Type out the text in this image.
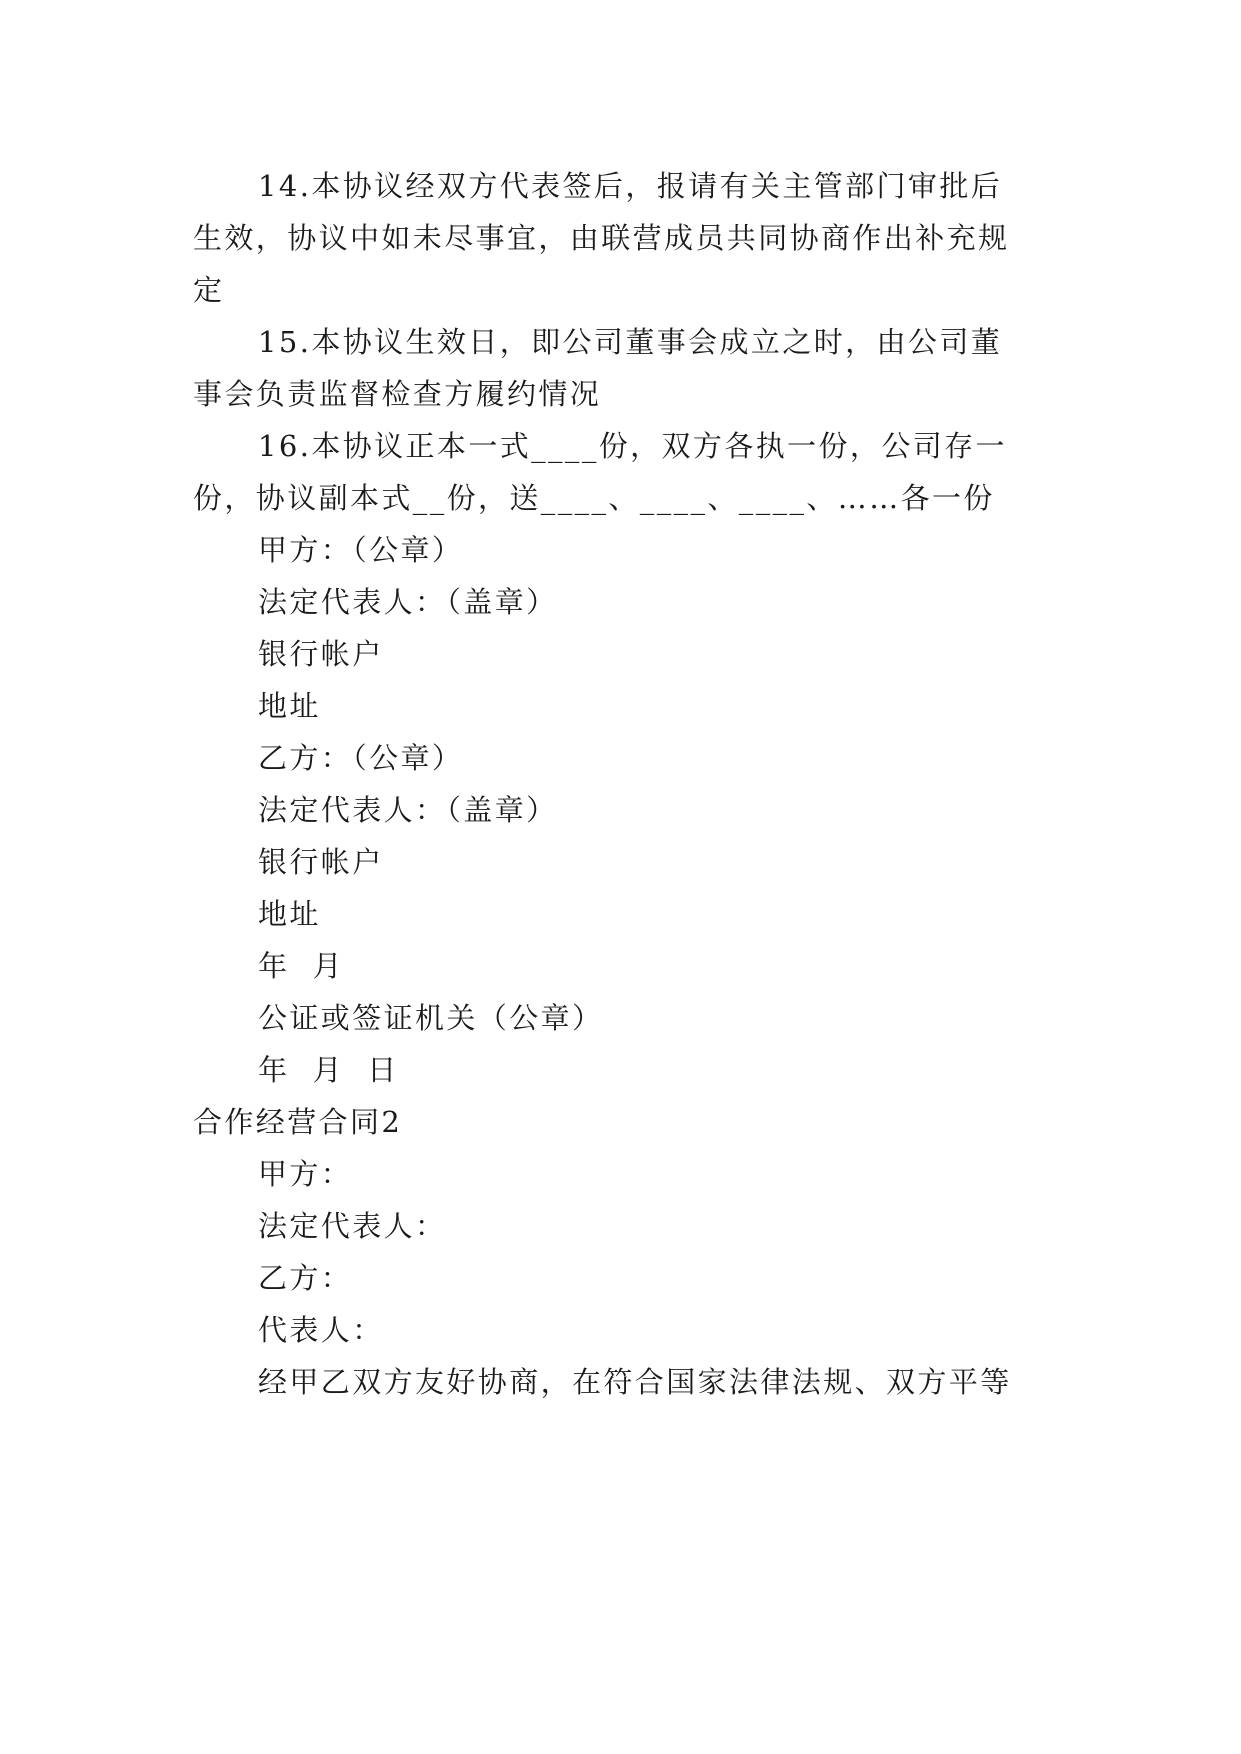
14.本协议经双方代表签后，报请有关主管部门审批后
生效，协议中如未尽事宜，由联营成员共同协商作出补充规
定
15.本协议生效日，即公司董事会成立之时，由公司董
事会负责监督检查方履约情况
16.本协议正本一式____份，双方各执一份，公司存一
份，协议副本式__份，送____、____、____、……各一份
甲方：（公章）
法定代表人：（盖章）
银行帐户
地址
乙方：（公章）
法定代表人：（盖章）
银行帐户
地址
年  月
公证或签证机关（公章）
年  月  日
合作经营合同2
甲方：
法定代表人：
乙方：
代表人：
经甲乙双方友好协商，在符合国家法律法规、双方平等
